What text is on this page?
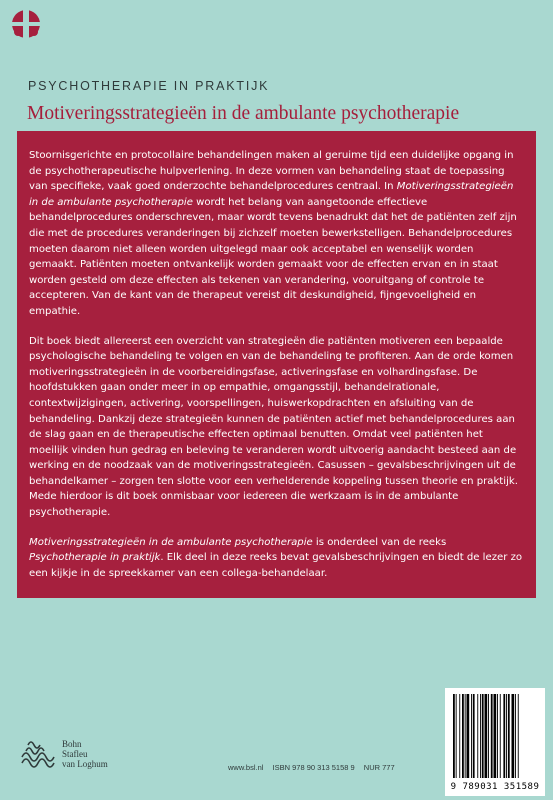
PSYCHOTHERAPIE IN PRAKTIJK
Motiveringsstrategieën in de ambulante psychotherapie

Stoornisgerichte en protocollaire behandelingen maken al geruime tijd een duidelijke opgang in de psychotherapeutische hulpverlening. In deze vormen van behandeling staat de toepassing van specifieke, vaak goed onderzochte behandelprocedures centraal. In Motiveringsstrategieën in de ambulante psychotherapie wordt het belang van aangetoonde effectieve behandelprocedures onderschreven, maar wordt tevens benadrukt dat het de patiënten zelf zijn die met de procedures veranderingen bij zichzelf moeten bewerkstelligen. Behandelprocedures moeten daarom niet alleen worden uitgelegd maar ook acceptabel en wenselijk worden gemaakt. Patiënten moeten ontvankelijk worden gemaakt voor de effecten ervan en in staat worden gesteld om deze effecten als tekenen van verandering, vooruitgang of controle te accepteren. Van de kant van de therapeut vereist dit deskundigheid, fijngevoeligheid en empathie.

Dit boek biedt allereerst een overzicht van strategieën die patiënten motiveren een bepaalde psychologische behandeling te volgen en van de behandeling te profiteren. Aan de orde komen motiveringsstrategieën in de voorbereidingsfase, activeringsfase en volhardingsfase. De hoofdstukken gaan onder meer in op empathie, omgangsstijl, behandelrationale, contextwijzigingen, activering, voorspellingen, huiswerkopdrachten en afsluiting van de behandeling. Dankzij deze strategieën kunnen de patiënten actief met behandelprocedures aan de slag gaan en de therapeutische effecten optimaal benutten. Omdat veel patiënten het moeilijk vinden hun gedrag en beleving te veranderen wordt uitvoerig aandacht besteed aan de werking en de noodzaak van de motiveringsstrategieën. Casussen – gevalsbeschrijvingen uit de behandelkamer – zorgen ten slotte voor een verhelderende koppeling tussen theorie en praktijk. Mede hierdoor is dit boek onmisbaar voor iedereen die werkzaam is in de ambulante psychotherapie.

Motiveringsstrategieën in de ambulante psychotherapie is onderdeel van de reeks Psychotherapie in praktijk. Elk deel in deze reeks bevat gevalsbeschrijvingen en biedt de lezer zo een kijkje in de spreekkamer van een collega-behandelaar.

Bohn
Stafleu
van Loghum	www.bsl.nl ISBN 978 90 313 5158 9 NUR 777
9 789031 351589
